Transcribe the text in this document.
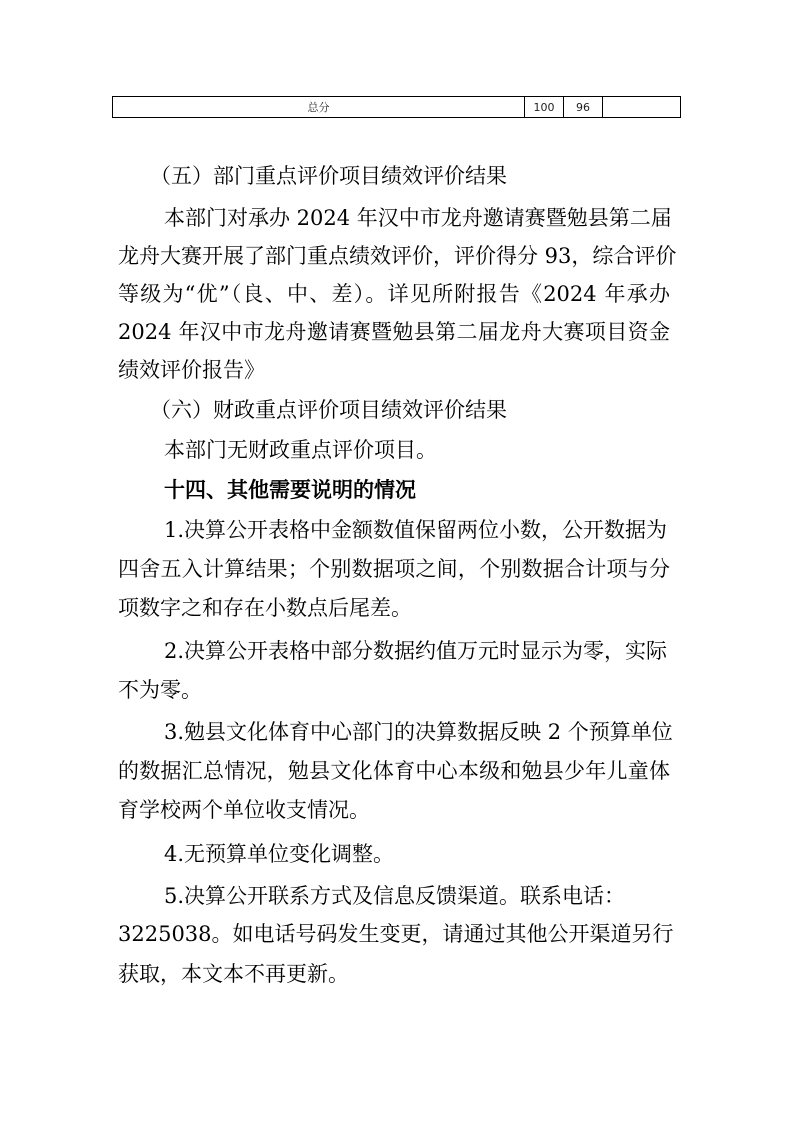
总分	100	96	

（五）部门重点评价项目绩效评价结果

本部门对承办 2024 年汉中市龙舟邀请赛暨勉县第二届

龙舟大赛开展了部门重点绩效评价，评价得分 93，综合评价

等级为“优”（良、中、差）。详见所附报告《2024 年承办

2024 年汉中市龙舟邀请赛暨勉县第二届龙舟大赛项目资金

绩效评价报告》

（六）财政重点评价项目绩效评价结果

本部门无财政重点评价项目。

十四、其他需要说明的情况

1.决算公开表格中金额数值保留两位小数，公开数据为

四舍五入计算结果；个别数据项之间，个别数据合计项与分

项数字之和存在小数点后尾差。

2.决算公开表格中部分数据约值万元时显示为零，实际

不为零。

3.勉县文化体育中心部门的决算数据反映 2 个预算单位

的数据汇总情况，勉县文化体育中心本级和勉县少年儿童体

育学校两个单位收支情况。

4.无预算单位变化调整。

5.决算公开联系方式及信息反馈渠道。联系电话：

3225038。如电话号码发生变更，请通过其他公开渠道另行

获取，本文本不再更新。
